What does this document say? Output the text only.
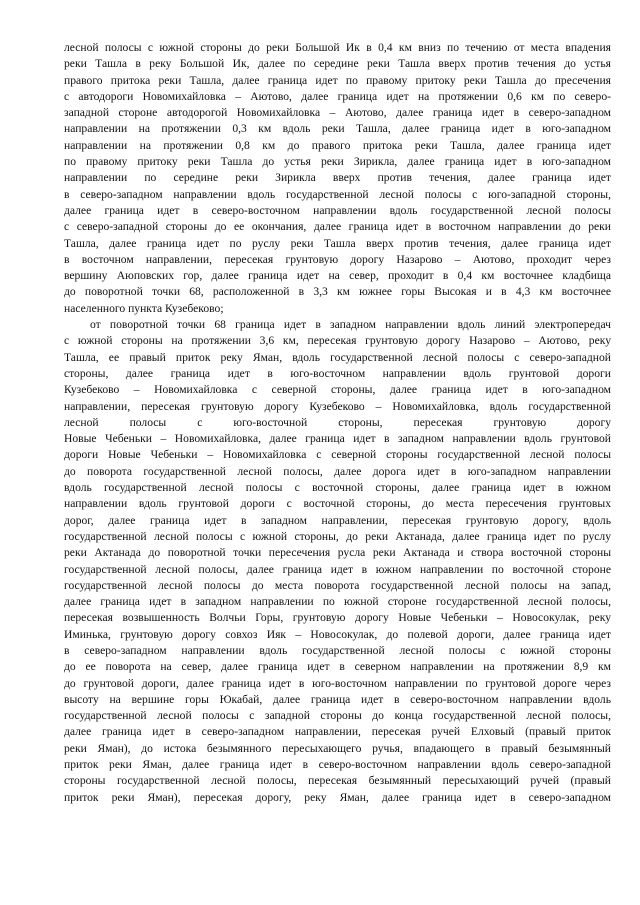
лесной полосы с южной стороны до реки Большой Ик в 0,4 км вниз по течению от места впадения
реки Ташла в реку Большой Ик, далее по середине реки Ташла вверх против течения до устья
правого притока реки Ташла, далее граница идет по правому притоку реки Ташла до пресечения
с автодороги Новомихайловка – Аютово, далее граница идет на протяжении 0,6 км по северо-
западной стороне автодорогой Новомихайловка – Аютово, далее граница идет в северо-западном
направлении на протяжении 0,3 км вдоль реки Ташла, далее граница идет в юго-западном
направлении на протяжении 0,8 км до правого притока реки Ташла, далее граница идет
по правому притоку реки Ташла до устья реки Зирикла, далее граница идет в юго-западном
направлении по середине реки Зирикла вверх против течения, далее граница идет
в северо-западном направлении вдоль государственной лесной полосы с юго-западной стороны,
далее граница идет в северо-восточном направлении вдоль государственной лесной полосы
с северо-западной стороны до ее окончания, далее граница идет в восточном направлении до реки
Ташла, далее граница идет по руслу реки Ташла вверх против течения, далее граница идет
в восточном направлении, пересекая грунтовую дорогу Назарово – Аютово, проходит через
вершину Аюповских гор, далее граница идет на север, проходит в 0,4 км восточнее кладбища
до поворотной точки 68, расположенной в 3,3 км южнее горы Высокая и в 4,3 км восточнее
населенного пункта Кузебеково;
от поворотной точки 68 граница идет в западном направлении вдоль линий электропередач
с южной стороны на протяжении 3,6 км, пересекая грунтовую дорогу Назарово – Аютово, реку
Ташла, ее правый приток реку Яман, вдоль государственной лесной полосы с северо-западной
стороны, далее граница идет в юго-восточном направлении вдоль грунтовой дороги
Кузебеково – Новомихайловка с северной стороны, далее граница идет в юго-западном
направлении, пересекая грунтовую дорогу Кузебеково – Новомихайловка, вдоль государственной
лесной полосы с юго-восточной стороны, пересекая грунтовую дорогу
Новые Чебеньки – Новомихайловка, далее граница идет в западном направлении вдоль грунтовой
дороги Новые Чебеньки – Новомихайловка с северной стороны государственной лесной полосы
до поворота государственной лесной полосы, далее дорога идет в юго-западном направлении
вдоль государственной лесной полосы с восточной стороны, далее граница идет в южном
направлении вдоль грунтовой дороги с восточной стороны, до места пересечения грунтовых
дорог, далее граница идет в западном направлении, пересекая грунтовую дорогу, вдоль
государственной лесной полосы с южной стороны, до реки Актанада, далее граница идет по руслу
реки Актанада до поворотной точки пересечения русла реки Актанада и створа восточной стороны
государственной лесной полосы, далее граница идет в южном направлении по восточной стороне
государственной лесной полосы до места поворота государственной лесной полосы на запад,
далее граница идет в западном направлении по южной стороне государственной лесной полосы,
пересекая возвышенность Волчьи Горы, грунтовую дорогу Новые Чебеньки – Новосокулак, реку
Иминька, грунтовую дорогу совхоз Ияк – Новосокулак, до полевой дороги, далее граница идет
в северо-западном направлении вдоль государственной лесной полосы с южной стороны
до ее поворота на север, далее граница идет в северном направлении на протяжении 8,9 км
до грунтовой дороги, далее граница идет в юго-восточном направлении по грунтовой дороге через
высоту на вершине горы Юкабай, далее граница идет в северо-восточном направлении вдоль
государственной лесной полосы с западной стороны до конца государственной лесной полосы,
далее граница идет в северо-западном направлении, пересекая ручей Елховый (правый приток
реки Яман), до истока безымянного пересыхающего ручья, впадающего в правый безымянный
приток реки Яман, далее граница идет в северо-восточном направлении вдоль северо-западной
стороны государственной лесной полосы, пересекая безымянный пересыхающий ручей (правый
приток реки Яман), пересекая дорогу, реку Яман, далее граница идет в северо-западном
